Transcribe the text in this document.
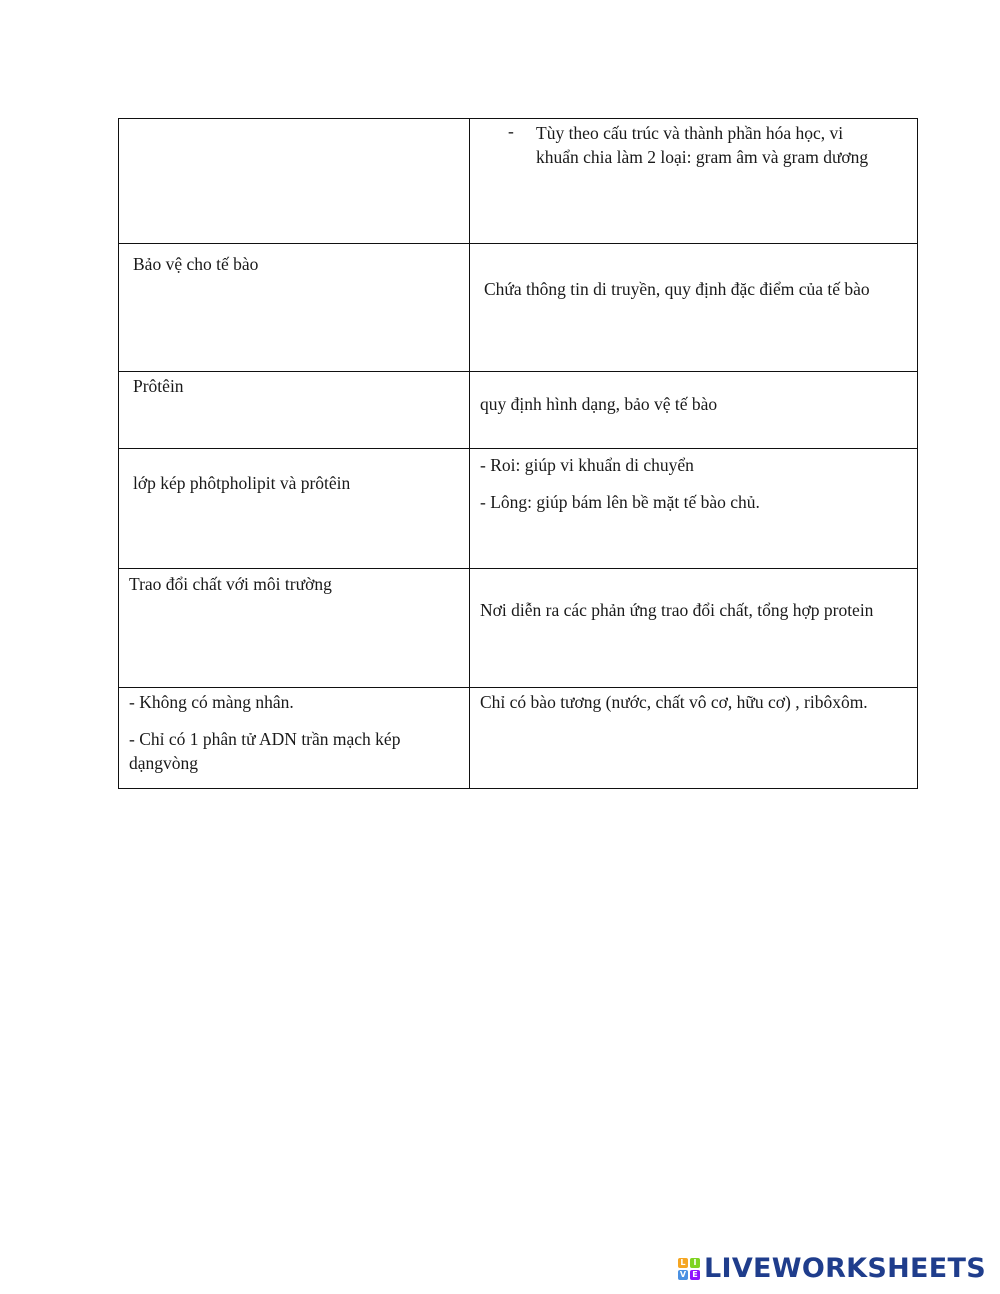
	- Tùy theo cấu trúc và thành phần hóa học, vi khuẩn chia làm 2 loại: gram âm và gram dương

Bảo vệ cho tế bào	Chứa thông tin di truyền, quy định đặc điểm của tế bào

Prôtêin	quy định hình dạng, bảo vệ tế bào

lớp kép phôtpholipit và prôtêin	- Roi: giúp vi khuẩn di chuyển
- Lông: giúp bám lên bề mặt tế bào chủ.

Trao đổi chất với môi trường	Nơi diễn ra các phản ứng trao đổi chất, tổng hợp protein

- Không có màng nhân.
- Chỉ có 1 phân tử ADN trần mạch kép dạngvòng	Chỉ có bào tương (nước, chất vô cơ, hữu cơ) , ribôxôm.
L I
V E LIVEWORKSHEETS
